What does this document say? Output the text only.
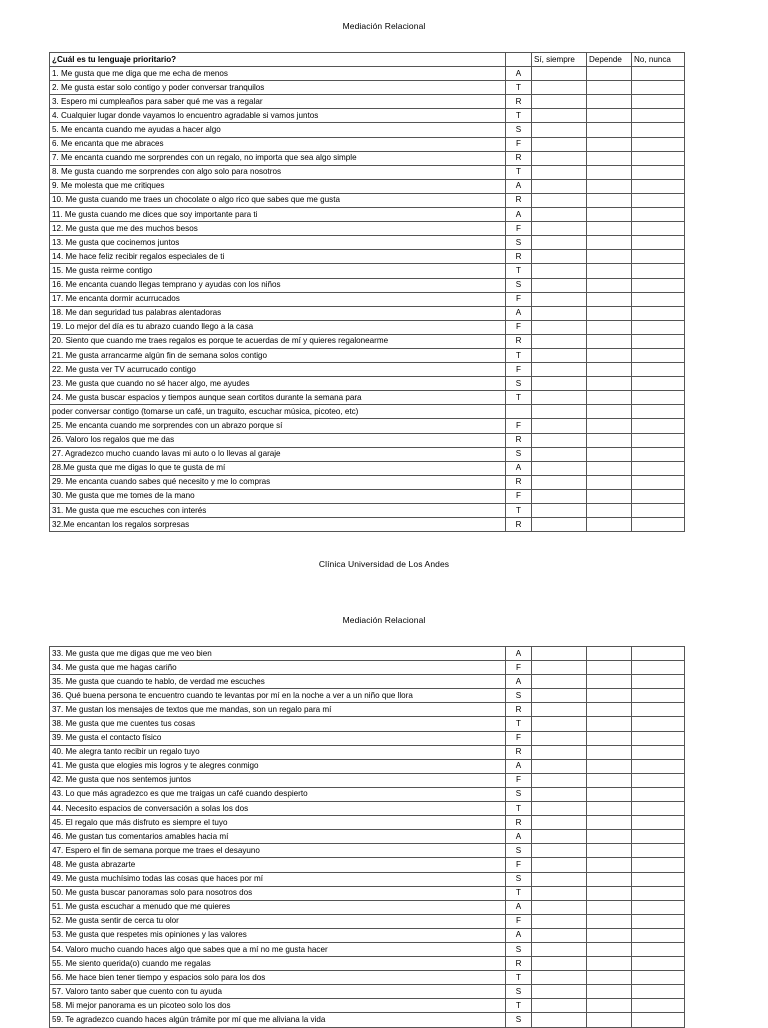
Mediación Relacional
¿Cuál es tu lenguaje prioritario?		Sí, siempre	Depende	No, nunca
1. Me gusta que me diga que me echa de menos	A			
2. Me gusta estar solo contigo y poder conversar tranquilos	T			
3. Espero mi cumpleaños para saber qué me vas a regalar	R			
4. Cualquier lugar donde vayamos lo encuentro agradable si vamos juntos	T			
5. Me encanta cuando me ayudas a hacer algo	S			
6. Me encanta que me abraces	F			
7. Me encanta cuando me sorprendes con un regalo, no importa que sea algo simple	R			
8. Me gusta cuando me sorprendes con algo solo para nosotros	T			
9. Me molesta que me critiques	A			
10. Me gusta cuando me traes un chocolate o algo rico que sabes que me gusta	R			
11. Me gusta cuando me dices que soy importante para ti	A			
12. Me gusta que me des muchos besos	F			
13. Me gusta que cocinemos juntos	S			
14. Me hace feliz recibir regalos especiales de ti	R			
15. Me gusta reirme contigo	T			
16. Me encanta cuando llegas temprano y ayudas con los niños	S			
17. Me encanta dormir acurrucados	F			
18. Me dan seguridad tus palabras alentadoras	A			
19. Lo mejor del día es tu abrazo cuando llego a la casa	F			
20. Siento que cuando me traes regalos es porque te acuerdas de mí y quieres regalonearme	R			
21. Me gusta arrancarme algún fin de semana solos contigo	T			
22. Me gusta ver TV acurrucado contigo	F			
23. Me gusta que cuando no sé hacer algo, me ayudes	S			
24. Me gusta buscar espacios y tiempos aunque sean cortitos durante la semana para	T			
poder conversar contigo (tomarse un café, un traguito, escuchar música, picoteo, etc)				
25. Me encanta cuando me sorprendes con un abrazo porque sí	F			
26. Valoro los regalos que me das	R			
27. Agradezco mucho cuando lavas mi auto o lo llevas al garaje	S			
28.Me gusta que me digas lo que te gusta de mí	A			
29. Me encanta cuando sabes qué necesito y me lo compras	R			
30. Me gusta que me tomes de la mano	F			
31. Me gusta que me escuches con interés	T			
32.Me encantan los regalos sorpresas	R			
Clínica Universidad de Los Andes
Mediación Relacional
33. Me gusta que me digas que me veo bien	A			
34. Me gusta que me hagas cariño	F			
35. Me gusta que cuando te hablo, de verdad me escuches	A			
36. Qué buena persona te encuentro cuando te levantas por mí en la noche a ver a un niño que llora	S			
37. Me gustan los mensajes de textos que me mandas, son un regalo para mí	R			
38. Me gusta que me cuentes tus cosas	T			
39. Me gusta el contacto físico	F			
40. Me alegra tanto recibir un regalo tuyo	R			
41. Me gusta que elogies mis logros y te alegres conmigo	A			
42. Me gusta que nos sentemos juntos	F			
43. Lo que más agradezco es que me traigas un café cuando despierto	S			
44. Necesito espacios de conversación a solas los dos	T			
45. El regalo que más disfruto es siempre el tuyo	R			
46. Me gustan tus comentarios amables hacia mí	A			
47. Espero el fin de semana porque me traes el desayuno	S			
48. Me gusta abrazarte	F			
49. Me gusta muchísimo todas las cosas que haces por mí	S			
50. Me gusta buscar panoramas solo para nosotros dos	T			
51. Me gusta escuchar a menudo que me quieres	A			
52. Me gusta sentir de cerca tu olor	F			
53. Me gusta que respetes mis opiniones y las valores	A			
54. Valoro mucho cuando haces algo que sabes que a mí no me gusta hacer	S			
55. Me siento querida(o) cuando me regalas	R			
56. Me hace bien tener tiempo y espacios solo para los dos	T			
57. Valoro tanto saber que cuento con tu ayuda	S			
58. Mi mejor panorama es un picoteo solo los dos	T			
59. Te agradezco cuando haces algún trámite por mí que me aliviana la vida	S			
